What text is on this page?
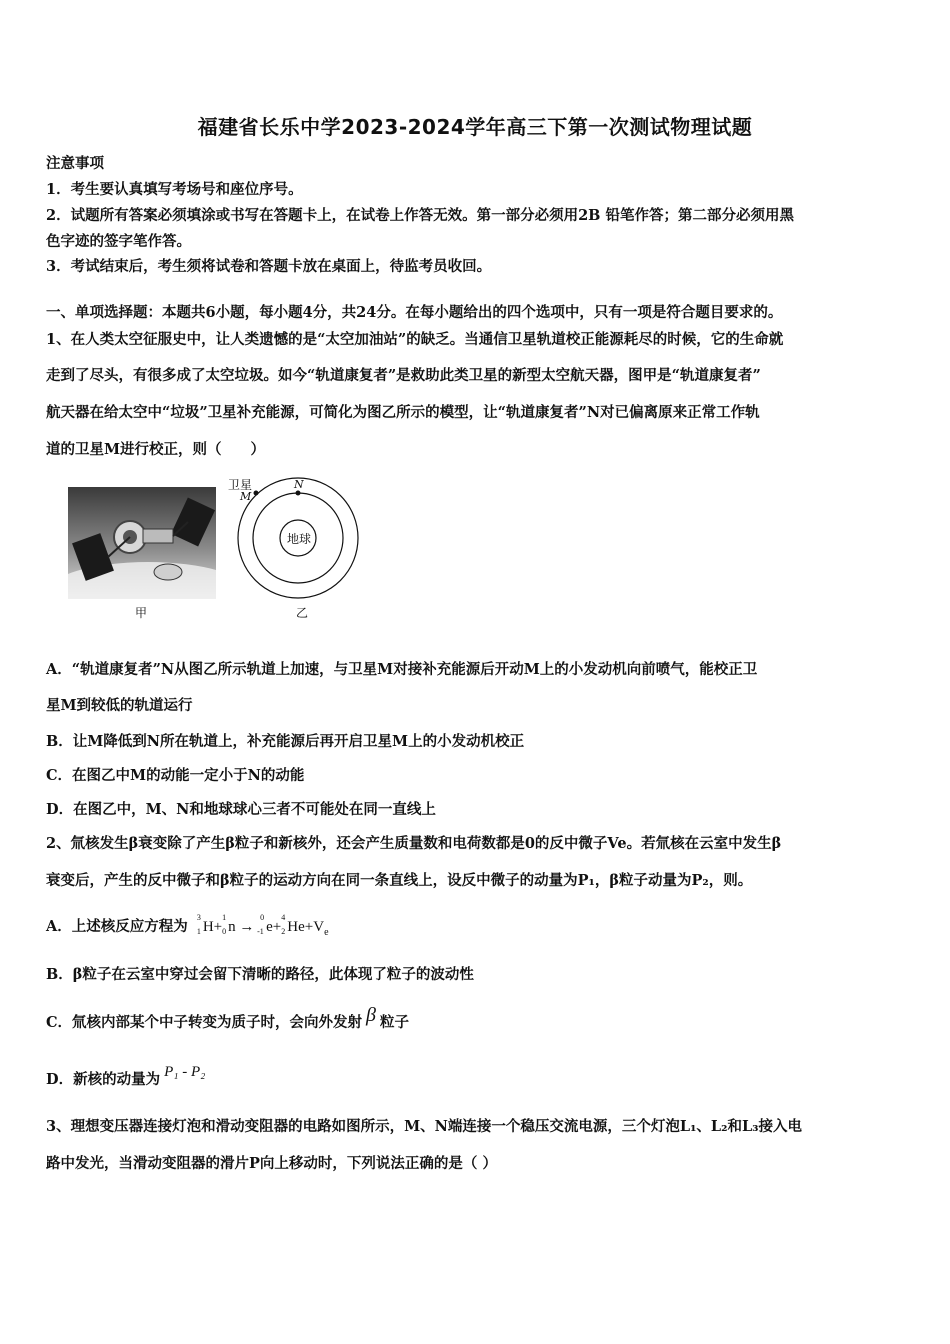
福建省长乐中学2023-2024学年高三下第一次测试物理试题
注意事项
1．考生要认真填写考场号和座位序号。
2．试题所有答案必须填涂或书写在答题卡上，在试卷上作答无效。第一部分必须用2B 铅笔作答；第二部分必须用黑
色字迹的签字笔作答。
3．考试结束后，考生须将试卷和答题卡放在桌面上，待监考员收回。
一、单项选择题：本题共6小题，每小题4分，共24分。在每小题给出的四个选项中，只有一项是符合题目要求的。
1、在人类太空征服史中，让人类遗憾的是“太空加油站”的缺乏。当通信卫星轨道校正能源耗尽的时候，它的生命就
走到了尽头，有很多成了太空垃圾。如今“轨道康复者”是救助此类卫星的新型太空航天器，图甲是“轨道康复者”
航天器在给太空中“垃圾”卫星补充能源，可简化为图乙所示的模型，让“轨道康复者”N对已偏离原来正常工作轨
道的卫星M进行校正，则（　　）
卫星
M
N
地球
甲	乙
A．“轨道康复者”N从图乙所示轨道上加速，与卫星M对接补充能源后开动M上的小发动机向前喷气，能校正卫
星M到较低的轨道运行
B．让M降低到N所在轨道上，补充能源后再开启卫星M上的小发动机校正
C．在图乙中M的动能一定小于N的动能
D．在图乙中，M、N和地球球心三者不可能处在同一直线上
2、氚核发生β衰变除了产生β粒子和新核外，还会产生质量数和电荷数都是0的反中微子Ve。若氚核在云室中发生β
衰变后，产生的反中微子和β粒子的运动方向在同一条直线上，设反中微子的动量为P₁，β粒子动量为P₂，则。
A．上述核反应方程为
3
1 H+
1
0 n →
0
-1 e+
4
2 $He+V_e$
B．β粒子在云室中穿过会留下清晰的路径，此体现了粒子的波动性
C．氚核内部某个中子转变为质子时，会向外发射 β 粒子
D．新核的动量为 P₁ - P₂
3、理想变压器连接灯泡和滑动变阻器的电路如图所示，M、N端连接一个稳压交流电源，三个灯泡L₁、L₂和L₃接入电
路中发光，当滑动变阻器的滑片P向上移动时，下列说法正确的是（ ）
